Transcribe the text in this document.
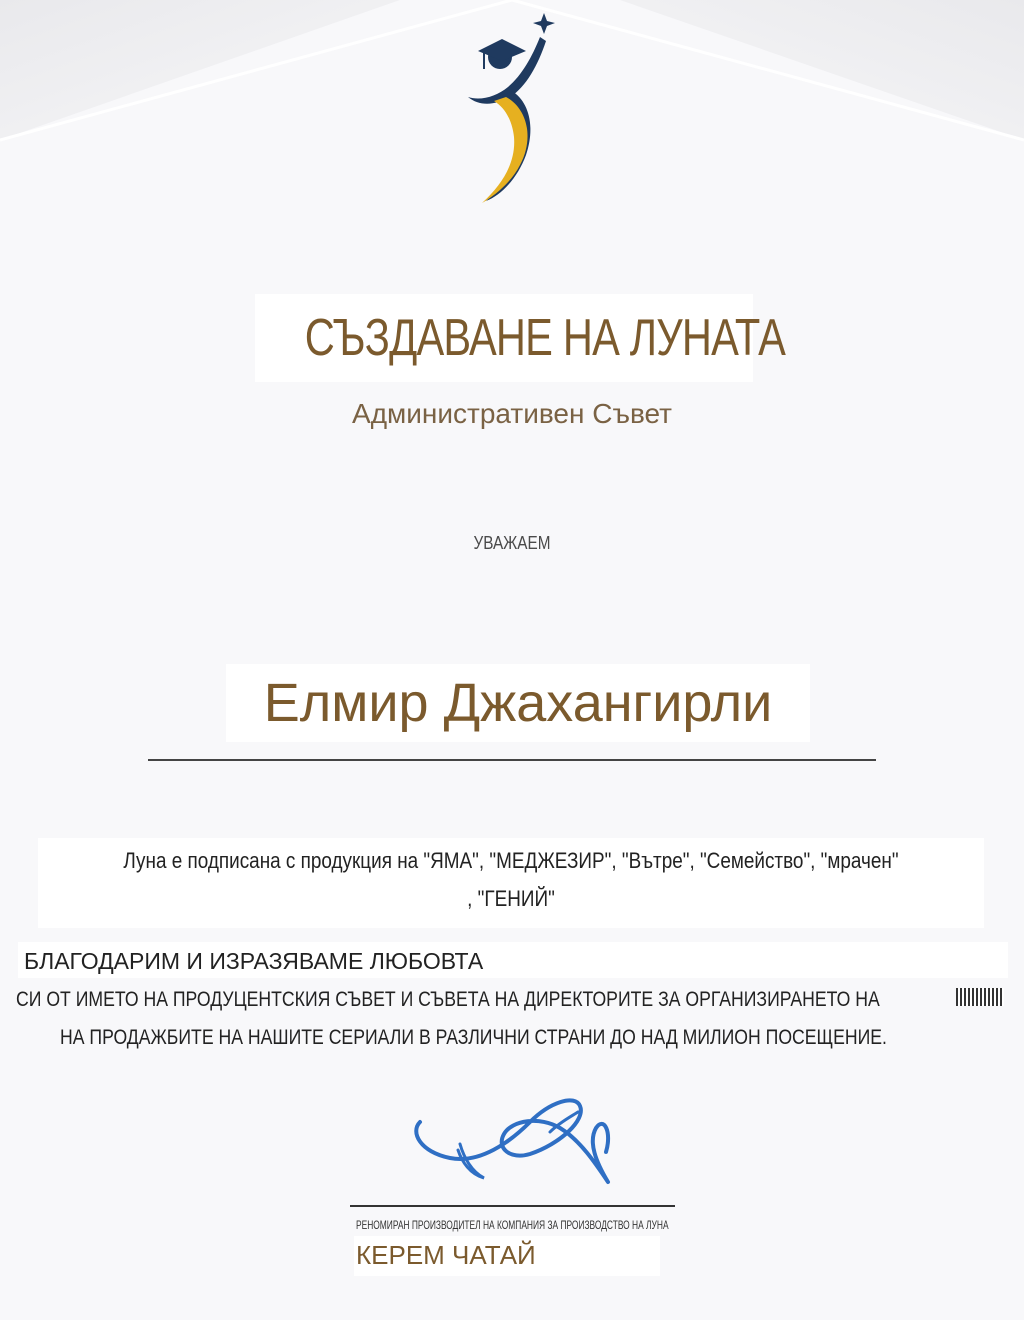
СЪЗДАВАНЕ НА ЛУНАТА
Административен Съвет
УВАЖАЕМ
Елмир Джахангирли
Луна е подписана с продукция на "ЯМА", "МЕДЖЕЗИР", "Вътре", "Семейство", "мрачен"
, "ГЕНИЙ"
БЛАГОДАРИМ И ИЗРАЗЯВАМЕ ЛЮБОВТА
СИ ОТ ИМЕТО НА ПРОДУЦЕНТСКИЯ СЪВЕТ И СЪВЕТА НА ДИРЕКТОРИТЕ ЗА ОРГАНИЗИРАНЕТО НА
НА ПРОДАЖБИТЕ НА НАШИТЕ СЕРИАЛИ В РАЗЛИЧНИ СТРАНИ ДО НАД МИЛИОН ПОСЕЩЕНИЕ.
РЕНОМИРАН ПРОИЗВОДИТЕЛ НА КОМПАНИЯ ЗА ПРОИЗВОДСТВО НА ЛУНА
КЕРЕМ ЧАТАЙ
